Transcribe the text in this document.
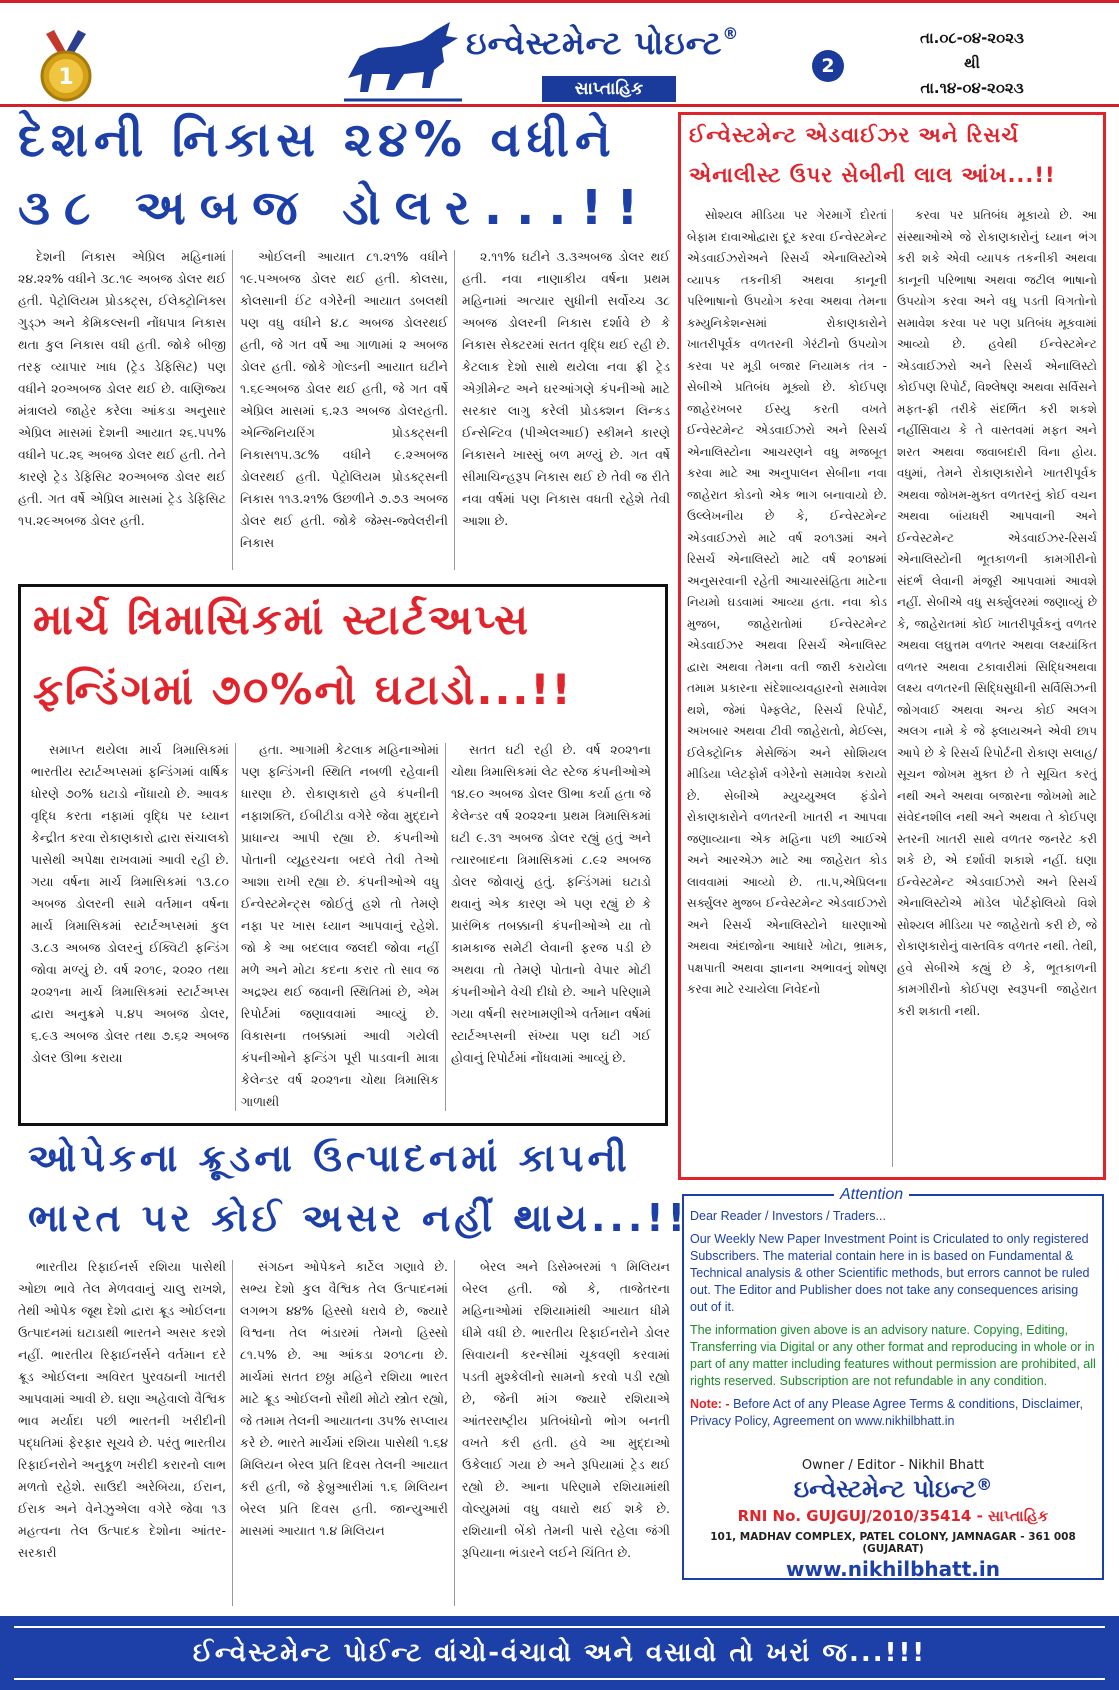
1
ઇન્વેસ્ટમેન્ટ પોઇન્ટ®
સાપ્તાહિક
2
તા.૦૮-૦૪-૨૦૨૩
થી
તા.૧૪-૦૪-૨૦૨૩
દેશની નિકાસ ૨૪% વધીને
૩૮ અબજ ડોલર...!!

દેશની નિકાસ એપ્રિલ મહિનામાં ૨૪.૨૨% વધીને ૩૮.૧૯ અબજ ડોલર થઈ હતી. પેટ્રોલિયમ પ્રોડક્ટ્સ, ઈલેક્ટ્રોનિક્સ ગુડ્ઝ અને કેમિકલ્સની નોંધપાત્ર નિકાસ થતા કુલ નિકાસ વધી હતી. જોકે બીજી તરફ વ્યાપાર ખાધ (ટ્રેડ ડેફિસિટ) પણ વધીને ૨૦અબજ ડોલર થઈ છે. વાણિજ્ય મંત્રાલયે જાહેર કરેલા આંકડા અનુસાર એપ્રિલ માસમાં દેશની આયાત ૨૬.૫૫% વધીને ૫૮.૨૬ અબજ ડોલર થઈ હતી. તેને કારણે ટ્રેડ ડેફિસિટ ૨૦અબજ ડોલર થઈ હતી. ગત વર્ષે એપ્રિલ માસમાં ટ્રેડ ડેફિસિટ ૧૫.૨૯અબજ ડોલર હતી.

ઓઈલની આયાત ૮૧.૨૧% વધીને ૧૯.૫અબજ ડોલર થઈ હતી. કોલસા, કોલસાની ઈંટ વગેરેની આયાત ડબલથી પણ વધુ વધીને ૪.૮ અબજ ડોલરથઈ હતી, જે ગત વર્ષે આ ગાળામાં ૨ અબજ ડોલર હતી. જોકે ગોલ્ડની આયાત ઘટીને ૧.૬૯અબજ ડોલર થઈ હતી, જે ગત વર્ષે એપ્રિલ માસમાં ૬.૨૩ અબજ ડોલરહતી. એન્જિનિયરિંગ પ્રોડક્ટ્સની નિકાસ૧૫.૩૮% વધીને ૯.૨અબજ ડોલરથઈ હતી. પેટ્રોલિયમ પ્રોડક્ટ્સની નિકાસ ૧૧૩.૨૧% ઉછળીને ૭.૭૩ અબજ ડોલર થઈ હતી. જોકે જેમ્સ-જ્વેલરીની નિકાસ

૨.૧૧% ઘટીને ૩.૩અબજ ડોલર થઈ હતી. નવા નાણાકીય વર્ષના પ્રથમ મહિનામાં અત્યાર સુધીની સર્વોચ્ચ ૩૮ અબજ ડોલરની નિકાસ દર્શાવે છે કે નિકાસ સેક્ટરમાં સતત વૃદ્ધિ થઈ રહી છે. કેટલાક દેશો સાથે થયેલા નવા ફ્રી ટ્રેડ એગ્રીમેન્ટ અને ઘરઆંગણે કંપનીઓ માટે સરકાર લાગુ કરેલી પ્રોડક્શન લિન્કડ ઈન્સેન્ટિવ (પીએલઆઈ) સ્કીમને કારણે નિકાસને ખાસ્સું બળ મળ્યું છે. ગત વર્ષે સીમાચિન્હરૂપ નિકાસ થઈ છે તેવી જ રીતે નવા વર્ષમાં પણ નિકાસ વધતી રહેશે તેવી આશા છે.

માર્ચ ત્રિમાસિકમાં સ્ટાર્ટઅપ્સ
ફન્ડિંગમાં ૭૦%નો ઘટાડો...!!

સમાપ્ત થયેલા માર્ચ ત્રિમાસિકમાં ભારતીય સ્ટાર્ટઅપ્સમાં ફન્ડિંગમાં વાર્ષિક ધોરણે ૭૦% ઘટાડો નોંધાયો છે. આવક વૃદ્ધિ કરતા નફામાં વૃદ્ધિ પર ધ્યાન કેન્દ્રીત કરવા રોકાણકારો દ્વારા સંચાલકો પાસેથી અપેક્ષા રાખવામાં આવી રહી છે. ગયા વર્ષના માર્ચ ત્રિમાસિકમાં ૧૩.૮૦ અબજ ડોલરની સામે વર્તમાન વર્ષના માર્ચ ત્રિમાસિકમાં સ્ટાર્ટઅપ્સમાં કુલ ૩.૮૩ અબજ ડોલરનું ઈક્વિટી ફન્ડિંગ જોવા મળ્યું છે. વર્ષ ૨૦૧૯, ૨૦૨૦ તથા ૨૦૨૧ના માર્ચ ત્રિમાસિકમાં સ્ટાર્ટઅપ્સ દ્વારા અનુક્રમે ૫.૪૫ અબજ ડોલર, ૬.૯૩ અબજ ડોલર તથા ૭.૬૨ અબજ ડોલર ઊભા કરાયા

હતા. આગામી કેટલાક મહિનાઓમાં પણ ફન્ડિંગની સ્થિતિ નબળી રહેવાની ધારણા છે. રોકાણકારો હવે કંપનીની નફાશક્તિ, ઈબીટીડા વગેરે જેવા મુદ્દાને પ્રાધાન્ય આપી રહ્યા છે. કંપનીઓ પોતાની વ્યૂહરચના બદલે તેવી તેઓ આશા રાખી રહ્યા છે. કંપનીઓએ વધુ ઈન્વેસ્ટમેન્ટ્સ જોઈતું હશે તો તેમણે નફા પર ખાસ ધ્યાન આપવાનું રહેશે. જો કે આ બદલાવ જલદી જોવા નહીં મળે અને મોટા કદના કરાર તો સાવ જ અદ્રશ્ય થઈ જવાની સ્થિતિમાં છે, એમ રિપોર્ટમાં જણાવવામાં આવ્યું છે. વિકાસના તબક્કામાં આવી ગયેલી કંપનીઓને ફન્ડિંગ પૂરી પાડવાની માત્રા કેલેન્ડર વર્ષ ૨૦૨૧ના ચોથા ત્રિમાસિક ગાળાથી

સતત ઘટી રહી છે. વર્ષ ૨૦૨૧ના ચોથા ત્રિમાસિકમાં લેટ સ્ટેજ કંપનીઓએ ૧૪.૯૦ અબજ ડોલર ઊભા કર્યા હતા જે કેલેન્ડર વર્ષ ૨૦૨૨ના પ્રથમ ત્રિમાસિકમાં ઘટી ૯.૩૧ અબજ ડોલર રહ્યું હતું અને ત્યારબાદના ત્રિમાસિકમાં ૮.૯૨ અબજ ડોલર જોવાયું હતું. ફન્ડિંગમાં ઘટાડો થવાનું એક કારણ એ પણ રહ્યું છે કે પ્રારંભિક તબક્કાની કંપનીઓએ યા તો કામકાજ સમેટી લેવાની ફરજ પડી છે અથવા તો તેમણે પોતાનો વેપાર મોટી કંપનીઓને વેચી દીધો છે. આને પરિણામે ગયા વર્ષની સરખામણીએ વર્તમાન વર્ષમાં સ્ટાર્ટઅપ્સની સંખ્યા પણ ઘટી ગઈ હોવાનું રિપોર્ટમાં નોંધવામાં આવ્યું છે.

ઓપેકના ક્રૂડના ઉત્પાદનમાં કાપની
ભારત પર કોઈ અસર નહીં થાય...!!

ભારતીય રિફાઈનર્સ રશિયા પાસેથી ઓછા ભાવે તેલ મેળવવાનું ચાલુ રાખશે, તેથી ઓપેક જૂથ દેશો દ્વારા ક્રૂડ ઓઈલના ઉત્પાદનમાં ઘટાડાથી ભારતને અસર કરશે નહીં. ભારતીય રિફાઈનર્સને વર્તમાન દરે ક્રૂડ ઓઈલના અવિરત પુરવઠાની ખાતરી આપવામાં આવી છે. ઘણા અહેવાલો વૈશ્વિક ભાવ મર્યાદા પછી ભારતની ખરીદીની પદ્ધતિમાં ફેરફાર સૂચવે છે. પરંતુ ભારતીય રિફાઈનરોને અનુકૂળ ખરીદી કરારનો લાભ મળતો રહેશે. સાઉદી અરેબિયા, ઈરાન, ઈરાક અને વેનેઝુએલા વગેરે જેવા ૧૩ મહત્વના તેલ ઉત્પાદક દેશોના આંતર-સરકારી

સંગઠન ઓપેકને કાર્ટેલ ગણાવે છે. સભ્ય દેશો કુલ વૈશ્વિક તેલ ઉત્પાદનમાં લગભગ ૪૪% હિસ્સો ધરાવે છે, જ્યારે વિશ્વના તેલ ભંડારમાં તેમનો હિસ્સો ૮૧.૫% છે. આ આંકડા ૨૦૧૮ના છે. માર્ચમાં સતત છઠ્ઠા મહિને રશિયા ભારત માટે ક્રૂડ ઓઈલનો સૌથી મોટો સ્ત્રોત રહ્યો, જે તમામ તેલની આયાતના ૩૫% સપ્લાય કરે છે. ભારતે માર્ચમાં રશિયા પાસેથી ૧.૬૪ મિલિયન બેરલ પ્રતિ દિવસ તેલની આયાત કરી હતી, જે ફેબ્રુઆરીમાં ૧.૬ મિલિયન બેરલ પ્રતિ દિવસ હતી. જાન્યુઆરી માસમાં આયાત ૧.૪ મિલિયન

બેરલ અને ડિસેમ્બરમાં ૧ મિલિયન બેરલ હતી. જો કે, તાજેતરના મહિનાઓમાં રશિયામાંથી આયાત ધીમે ધીમે વધી છે. ભારતીય રિફાઈનરોને ડોલર સિવાયની કરન્સીમાં ચૂકવણી કરવામાં પડતી મુશ્કેલીનો સામનો કરવો પડી રહ્યો છે, જેની માંગ જ્યારે રશિયાએ આંતરરાષ્ટ્રીય પ્રતિબંધોનો ભોગ બનતી વખતે કરી હતી. હવે આ મુદ્દાઓ ઉકેલાઈ ગયા છે અને રૂપિયામાં ટ્રેડ થઈ રહ્યો છે. આના પરિણામે રશિયામાંથી વોલ્યુમમાં વધુ વધારો થઈ શકે છે. રશિયાની બેંકો તેમની પાસે રહેલા જંગી રૂપિયાના ભંડારને લઈને ચિંતિત છે.

ઈન્વેસ્ટમેન્ટ એડવાઈઝર અને રિસર્ચ
એનાલીસ્ટ ઉપર સેબીની લાલ આંખ...!!

સોશ્યલ મીડિયા પર ગેરમાર્ગે દોરતાં બેફામ દાવાઓદ્વારા દૂર કરવા ઈન્વેસ્ટમેન્ટ એડવાઈઝરોઅને રિસર્ચ એનાલિસ્ટોએ વ્યાપક તકનીકી અથવા કાનૂની પરિભાષાનો ઉપયોગ કરવા અથવા તેમના કમ્યુનિકેશન્સમાં રોકાણકારોને ખાતરીપૂર્વક વળતરની ગેરંટીનો ઉપયોગ કરવા પર મૂડી બજાર નિયામક તંત્ર - સેબીએ પ્રતિબંધ મૂક્યો છે. કોઈપણ જાહેરખબર ઈસ્યુ કરતી વખતે ઈન્વેસ્ટમેન્ટ એડવાઈઝરો અને રિસર્ચ એનાલિસ્ટોના આચરણને વધુ મજબૂત કરવા માટે આ અનુપાલન સેબીના નવા જાહેરાત કોડનો એક ભાગ બનાવાયો છે. ઉલ્લેખનીય છે કે, ઈન્વેસ્ટમેન્ટ એડવાઈઝરો માટે વર્ષ ૨૦૧૩માં અને રિસર્ચ એનાલિસ્ટો માટે વર્ષ ૨૦૧૪માં અનુસરવાની રહેતી આચારસંહિતા માટેના નિયમો ઘડવામાં આવ્યા હતા. નવા કોડ મુજબ, જાહેરાતોમાં ઈન્વેસ્ટમેન્ટ એડવાઈઝર અથવા રિસર્ચ એનાલિસ્ટ દ્વારા અથવા તેમના વતી જારી કરાયેલા તમામ પ્રકારના સંદેશાવ્યવહારનો સમાવેશ થશે, જેમાં પેમ્ફલેટ, રિસર્ચ રિપોર્ટ, અખબાર અથવા ટીવી જાહેરાતો, મેઈલ્સ, ઈલેક્ટ્રોનિક મેસેજિંગ અને સોશિયલ મીડિયા પ્લેટફોર્મ વગેરેનો સમાવેશ કરાયો છે. સેબીએ મ્યુચ્યુઅલ ફંડોને રોકાણકારોને વળતરની ખાતરી ન આપવા જણાવ્યાના એક મહિના પછી આઈએ અને આરએઝ માટે આ જાહેરાત કોડ લાવવામાં આવ્યો છે. તા.૫,એપ્રિલના સર્ક્યુલર મુજબ ઈન્વેસ્ટમેન્ટ એડવાઈઝરો અને રિસર્ચ એનાલિસ્ટોને ધારણાઓ અથવા અંદાજોના આધારે ખોટા, ભ્રામક, પક્ષપાતી અથવા જ્ઞાનના અભાવનું શોષણ કરવા માટે રચાયેલા નિવેદનો

કરવા પર પ્રતિબંધ મૂકાયો છે. આ સંસ્થાઓએ જે રોકાણકારોનું ધ્યાન ભંગ કરી શકે એવી વ્યાપક તકનીકી અથવા કાનૂની પરિભાષા અથવા જટીલ ભાષાનો ઉપયોગ કરવા અને વધુ પડતી વિગતોનો સમાવેશ કરવા પર પણ પ્રતિબંધ મૂકવામાં આવ્યો છે. હવેથી ઈન્વેસ્ટમેન્ટ એડવાઈઝરો અને રિસર્ચ એનાલિસ્ટો કોઈપણ રિપોર્ટ, વિશ્લેષણ અથવા સર્વિસને મફત-ફ્રી તરીકે સંદર્ભિત કરી શકશે નહીંસિવાય કે તે વાસ્તવમાં મફત અને શરત અથવા જવાબદારી વિના હોય. વધુમાં, તેમને રોકાણકારોને ખાતરીપૂર્વક અથવા જોખમ-મુક્ત વળતરનું કોઈ વચન અથવા બાંયધરી આપવાની અને ઈન્વેસ્ટમેન્ટ એડવાઈઝર-રિસર્ચ એનાલિસ્ટોની ભૂતકાળની કામગીરીનો સંદર્ભ લેવાની મંજૂરી આપવામાં આવશે નહીં. સેબીએ વધુ સર્ક્યુલરમાં જણાવ્યું છે કે, જાહેરાતમાં કોઈ ખાતરીપૂર્વકનું વળતર અથવા લઘુત્તમ વળતર અથવા લક્ષ્યાંકિત વળતર અથવા ટકાવારીમાં સિદ્ધિઅથવા લક્ષ્ય વળતરની સિદ્ધિસુધીની સર્વિસિઝની જોગવાઈ અથવા અન્ય કોઈ અલગ અલગ નામે કે જે ફ્લાયઅને એવી છાપ આપે છે કે રિસર્ચ રિપોર્ટની રોકાણ સલાહ/સૂચન જોખમ મુક્ત છે તે સૂચિત કરતું નથી અને અથવા બજારના જોખમો માટે સંવેદનશીલ નથી અને અથવા તે કોઈપણ સ્તરની ખાતરી સાથે વળતર જનરેટ કરી શકે છે, એ દર્શાવી શકાશે નહીં. ઘણા ઈન્વેસ્ટમેન્ટ એડવાઈઝરો અને રિસર્ચ એનાલિસ્ટોએ મૉડેલ પોર્ટફોલિયો વિશે સોશ્યલ મીડિયા પર જાહેરાતો કરી છે, જે રોકાણકારોનું વાસ્તવિક વળતર નથી. તેથી, હવે સેબીએ કહ્યું છે કે, ભૂતકાળની કામગીરીનો કોઈપણ સ્વરૂપની જાહેરાત કરી શકાતી નથી.

Attention
Dear Reader / Investors / Traders...
Our Weekly New Paper Investment Point is Criculated to only registered Subscribers. The material contain here in is based on Fundamental & Technical analysis & other Scientific methods, but errors cannot be ruled out. The Editor and Publisher does not take any consequences arising out of it.
The information given above is an advisory nature. Copying, Editing, Transferring via Digital or any other format and reproducing in whole or in part of any matter including features without permission are prohibited, all rights reserved. Subscription are not refundable in any condition.
Note: - Before Act of any Please Agree Terms & conditions, Disclaimer, Privacy Policy, Agreement on www.nikhilbhatt.in
Owner / Editor - Nikhil Bhatt
ઇન્વેસ્ટમેન્ટ પોઇન્ટ®
RNI No. GUJGUJ/2010/35414 - સાપ્તાહિક
101, MADHAV COMPLEX, PATEL COLONY, JAMNAGAR - 361 008 (GUJARAT)
www.nikhilbhatt.in
ઈન્વેસ્ટમેન્ટ પોઈન્ટ વાંચો-વંચાવો અને વસાવો તો ખરાં જ...!!!
